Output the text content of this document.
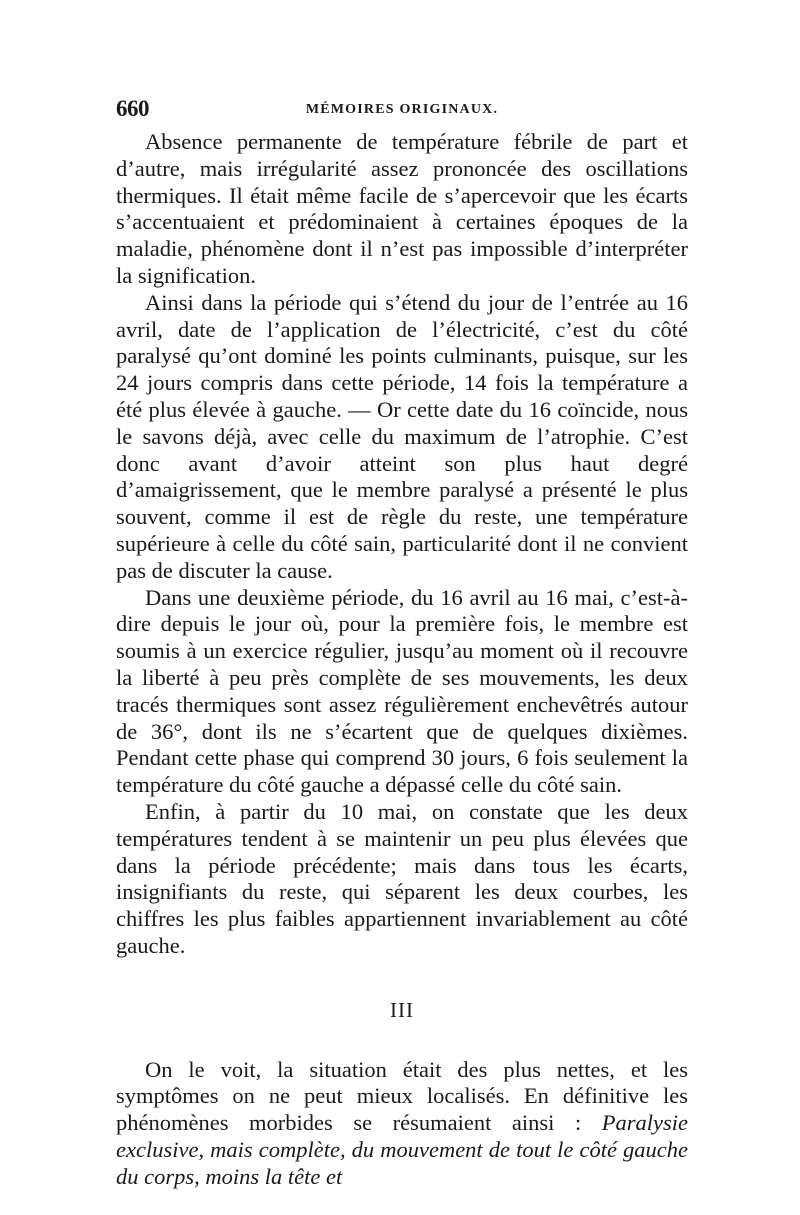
660	MÉMOIRES ORIGINAUX.

Absence permanente de température fébrile de part et d’autre, mais irrégularité assez prononcée des oscillations thermiques. Il était même facile de s’apercevoir que les écarts s’accentuaient et prédominaient à certaines époques de la maladie, phénomène dont il n’est pas impossible d’interpréter la signification.

Ainsi dans la période qui s’étend du jour de l’entrée au 16 avril, date de l’application de l’électricité, c’est du côté paralysé qu’ont dominé les points culminants, puisque, sur les 24 jours compris dans cette période, 14 fois la température a été plus élevée à gauche. — Or cette date du 16 coïncide, nous le savons déjà, avec celle du maximum de l’atrophie. C’est donc avant d’avoir atteint son plus haut degré d’amaigrissement, que le membre paralysé a présenté le plus souvent, comme il est de règle du reste, une température supérieure à celle du côté sain, particularité dont il ne convient pas de discuter la cause.

Dans une deuxième période, du 16 avril au 16 mai, c’est-à-dire depuis le jour où, pour la première fois, le membre est soumis à un exercice régulier, jusqu’au moment où il recouvre la liberté à peu près complète de ses mouvements, les deux tracés thermiques sont assez régulièrement enchevêtrés autour de 36°, dont ils ne s’écartent que de quelques dixièmes. Pendant cette phase qui comprend 30 jours, 6 fois seulement la température du côté gauche a dépassé celle du côté sain.

Enfin, à partir du 10 mai, on constate que les deux températures tendent à se maintenir un peu plus élevées que dans la période précédente; mais dans tous les écarts, insignifiants du reste, qui séparent les deux courbes, les chiffres les plus faibles appartiennent invariablement au côté gauche.

III

On le voit, la situation était des plus nettes, et les symptômes on ne peut mieux localisés. En définitive les phénomènes morbides se résumaient ainsi : Paralysie exclusive, mais complète, du mouvement de tout le côté gauche du corps, moins la tête et
